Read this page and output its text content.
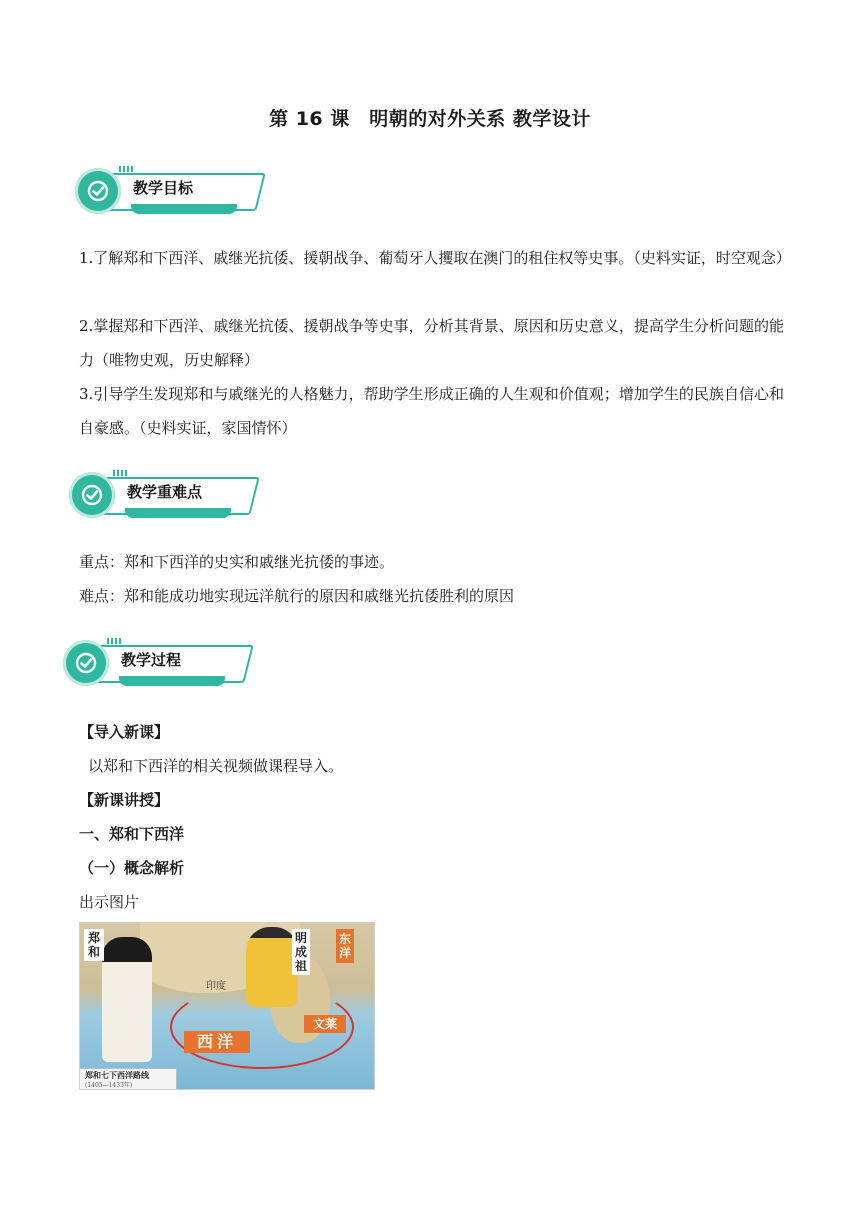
第 16 课　明朝的对外关系 教学设计
教学目标
1.了解郑和下西洋、戚继光抗倭、援朝战争、葡萄牙人攫取在澳门的租住权等史事。（史料实证，时空观念）
2.掌握郑和下西洋、戚继光抗倭、援朝战争等史事，分析其背景、原因和历史意义，提高学生分析问题的能力（唯物史观，历史解释）
3.引导学生发现郑和与戚继光的人格魅力，帮助学生形成正确的人生观和价值观；增加学生的民族自信心和自豪感。（史料实证，家国情怀）
教学重难点
重点：郑和下西洋的史实和戚继光抗倭的事迹。
难点：郑和能成功地实现远洋航行的原因和戚继光抗倭胜利的原因
教学过程
【导入新课】
以郑和下西洋的相关视频做课程导入。
【新课讲授】
一、郑和下西洋
（一）概念解析
出示图片
郑和
明成祖
东洋
印度
西洋
文莱
郑和七下西洋路线
(1405—1433年)
